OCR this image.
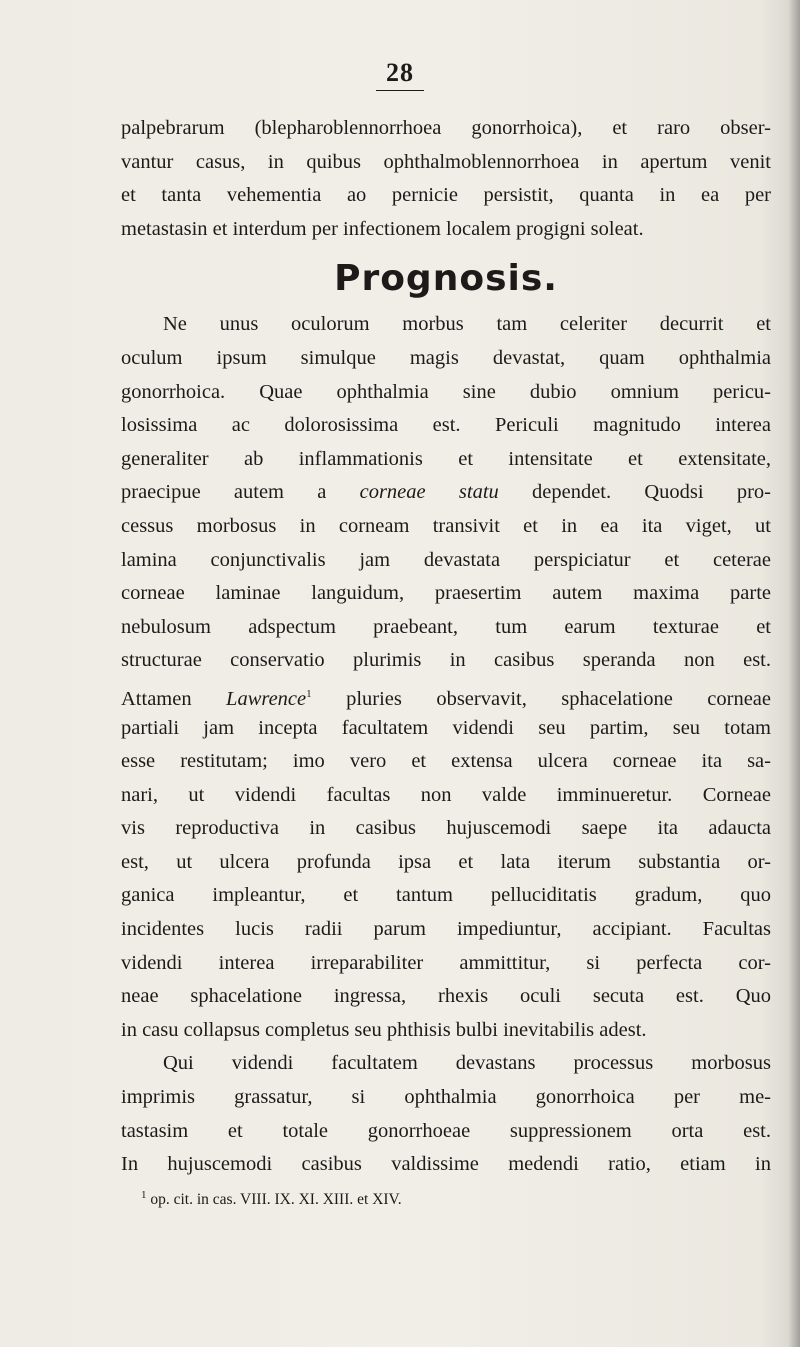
28
palpebrarum (blepharoblennorrhoea gonorrhoica), et raro obser-
vantur casus, in quibus ophthalmoblennorrhoea in apertum venit
et tanta vehementia ao pernicie persistit, quanta in ea per
metastasin et interdum per infectionem localem progigni soleat.
Prognosis.
Ne unus oculorum morbus tam celeriter decurrit et
oculum ipsum simulque magis devastat, quam ophthalmia
gonorrhoica. Quae ophthalmia sine dubio omnium pericu-
losissima ac dolorosissima est. Periculi magnitudo interea
generaliter ab inflammationis et intensitate et extensitate,
praecipue autem a corneae statu dependet. Quodsi pro-
cessus morbosus in corneam transivit et in ea ita viget, ut
lamina conjunctivalis jam devastata perspiciatur et ceterae
corneae laminae languidum, praesertim autem maxima parte
nebulosum adspectum praebeant, tum earum texturae et
structurae conservatio plurimis in casibus speranda non est.
Attamen Lawrence$^1$ pluries observavit, sphacelatione corneae
partiali jam incepta facultatem videndi seu partim, seu totam
esse restitutam; imo vero et extensa ulcera corneae ita sa-
nari, ut videndi facultas non valde imminueretur. Corneae
vis reproductiva in casibus hujuscemodi saepe ita adaucta
est, ut ulcera profunda ipsa et lata iterum substantia or-
ganica impleantur, et tantum pelluciditatis gradum, quo
incidentes lucis radii parum impediuntur, accipiant. Facultas
videndi interea irreparabiliter ammittitur, si perfecta cor-
neae sphacelatione ingressa, rhexis oculi secuta est. Quo
in casu collapsus completus seu phthisis bulbi inevitabilis adest.
Qui videndi facultatem devastans processus morbosus
imprimis grassatur, si ophthalmia gonorrhoica per me-
tastasim et totale gonorrhoeae suppressionem orta est.
In hujuscemodi casibus valdissime medendi ratio, etiam in
$^1$ op. cit. in cas. VIII. IX. XI. XIII. et XIV.
